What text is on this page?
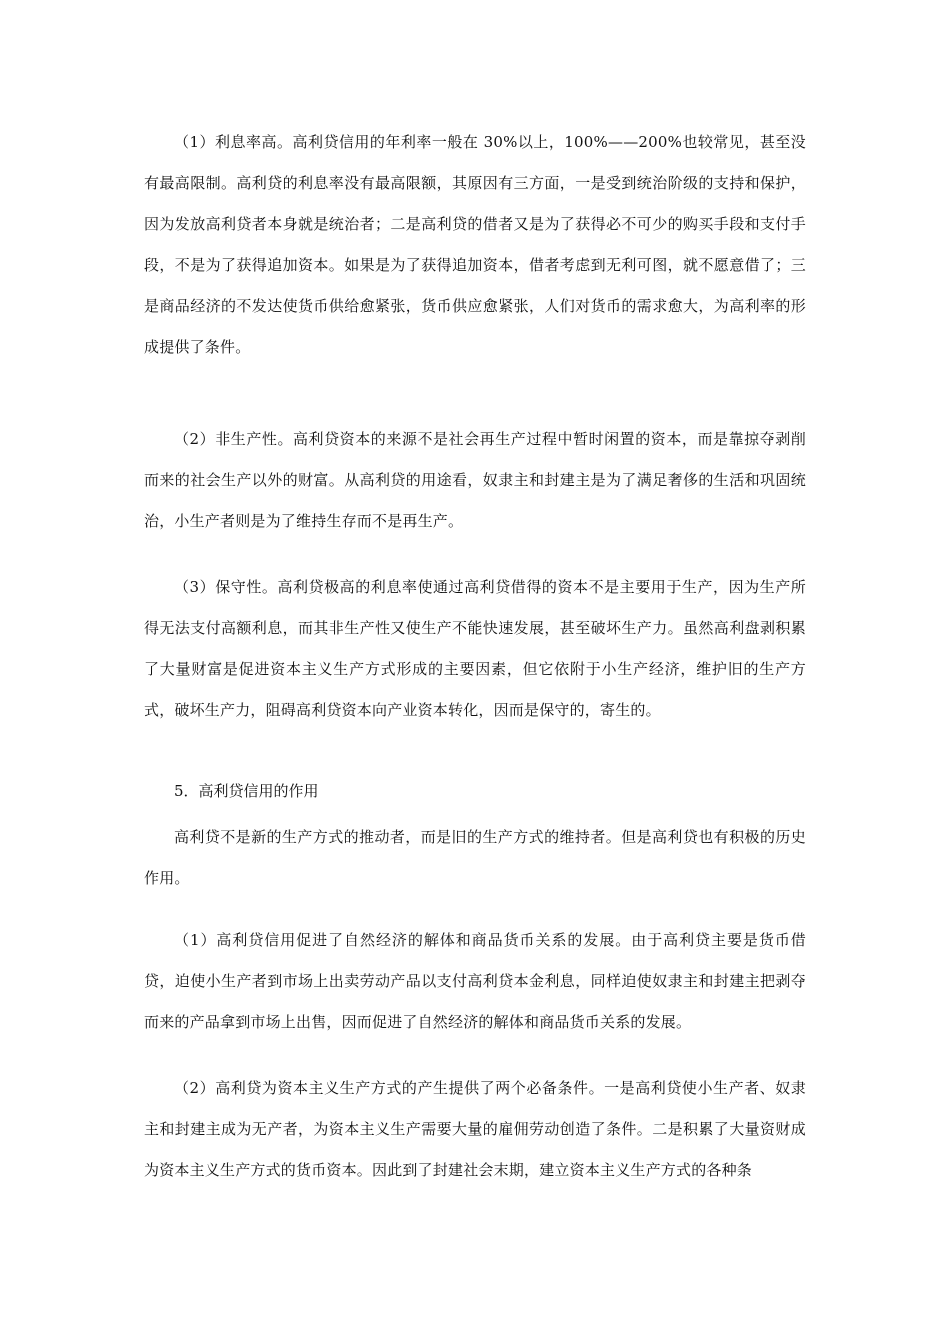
（1）利息率高。高利贷信用的年利率一般在 30%以上，100%——200%也较常见，甚至没有最高限制。高利贷的利息率没有最高限额，其原因有三方面，一是受到统治阶级的支持和保护，因为发放高利贷者本身就是统治者；二是高利贷的借者又是为了获得必不可少的购买手段和支付手段，不是为了获得追加资本。如果是为了获得追加资本，借者考虑到无利可图，就不愿意借了；三是商品经济的不发达使货币供给愈紧张，货币供应愈紧张，人们对货币的需求愈大，为高利率的形成提供了条件。

（2）非生产性。高利贷资本的来源不是社会再生产过程中暂时闲置的资本，而是靠掠夺剥削而来的社会生产以外的财富。从高利贷的用途看，奴隶主和封建主是为了满足奢侈的生活和巩固统治，小生产者则是为了维持生存而不是再生产。

（3）保守性。高利贷极高的利息率使通过高利贷借得的资本不是主要用于生产，因为生产所得无法支付高额利息，而其非生产性又使生产不能快速发展，甚至破坏生产力。虽然高利盘剥积累了大量财富是促进资本主义生产方式形成的主要因素，但它依附于小生产经济，维护旧的生产方式，破坏生产力，阻碍高利贷资本向产业资本转化，因而是保守的，寄生的。

5．高利贷信用的作用

高利贷不是新的生产方式的推动者，而是旧的生产方式的维持者。但是高利贷也有积极的历史作用。

（1）高利贷信用促进了自然经济的解体和商品货币关系的发展。由于高利贷主要是货币借贷，迫使小生产者到市场上出卖劳动产品以支付高利贷本金利息，同样迫使奴隶主和封建主把剥夺而来的产品拿到市场上出售，因而促进了自然经济的解体和商品货币关系的发展。

（2）高利贷为资本主义生产方式的产生提供了两个必备条件。一是高利贷使小生产者、奴隶主和封建主成为无产者，为资本主义生产需要大量的雇佣劳动创造了条件。二是积累了大量资财成为资本主义生产方式的货币资本。因此到了封建社会末期，建立资本主义生产方式的各种条
